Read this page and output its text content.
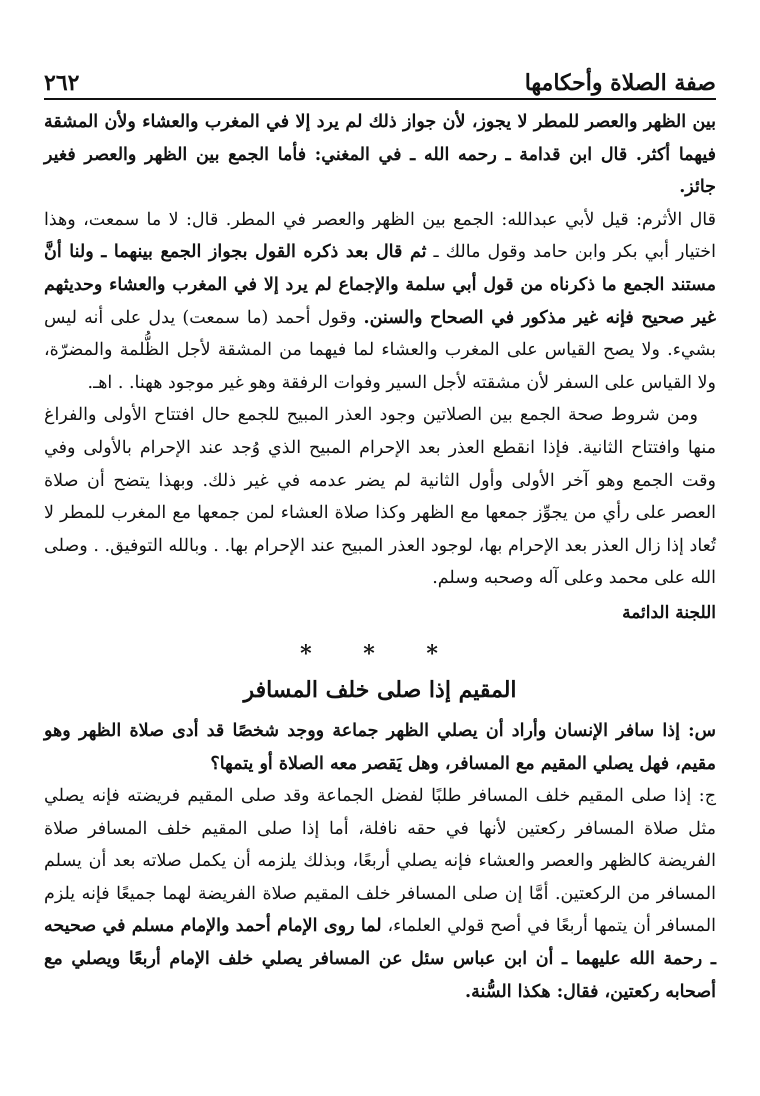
صفة الصلاة وأحكامها
٢٦٢

بين الظهر والعصر للمطر لا يجوز، لأن جواز ذلك لم يرد إلا في المغرب والعشاء ولأن المشقة فيهما أكثر. قال ابن قدامة ـ رحمه الله ـ في المغني: فأما الجمع بين الظهر والعصر فغير جائز.

قال الأثرم: قيل لأبي عبدالله: الجمع بين الظهر والعصر في المطر. قال: لا ما سمعت، وهذا اختيار أبي بكر وابن حامد وقول مالك ـ ثم قال بعد ذكره القول بجواز الجمع بينهما ـ ولنا أنَّ مستند الجمع ما ذكرناه من قول أبي سلمة والإجماع لم يرد إلا في المغرب والعشاء وحديثهم غير صحيح فإنه غير مذكور في الصحاح والسنن. وقول أحمد (ما سمعت) يدل على أنه ليس بشيء. ولا يصح القياس على المغرب والعشاء لما فيهما من المشقة لأجل الظُّلمة والمضرّة، ولا القياس على السفر لأن مشقته لأجل السير وفوات الرفقة وهو غير موجود ههنا. . اهـ.

ومن شروط صحة الجمع بين الصلاتين وجود العذر المبيح للجمع حال افتتاح الأولى والفراغ منها وافتتاح الثانية. فإذا انقطع العذر بعد الإحرام المبيح الذي وُجد عند الإحرام بالأولى وفي وقت الجمع وهو آخر الأولى وأول الثانية لم يضر عدمه في غير ذلك. وبهذا يتضح أن صلاة العصر على رأي من يجوِّز جمعها مع الظهر وكذا صلاة العشاء لمن جمعها مع المغرب للمطر لا تُعاد إذا زال العذر بعد الإحرام بها، لوجود العذر المبيح عند الإحرام بها. . وبالله التوفيق. . وصلى الله على محمد وعلى آله وصحبه وسلم.

اللجنة الدائمة
* * *
المقيم إذا صلى خلف المسافر

س: إذا سافر الإنسان وأراد أن يصلي الظهر جماعة ووجد شخصًا قد أدى صلاة الظهر وهو مقيم، فهل يصلي المقيم مع المسافر، وهل يَقصر معه الصلاة أو يتمها؟

ج: إذا صلى المقيم خلف المسافر طلبًا لفضل الجماعة وقد صلى المقيم فريضته فإنه يصلي مثل صلاة المسافر ركعتين لأنها في حقه نافلة، أما إذا صلى المقيم خلف المسافر صلاة الفريضة كالظهر والعصر والعشاء فإنه يصلي أربعًا، وبذلك يلزمه أن يكمل صلاته بعد أن يسلم المسافر من الركعتين. أمَّا إن صلى المسافر خلف المقيم صلاة الفريضة لهما جميعًا فإنه يلزم المسافر أن يتمها أربعًا في أصح قولي العلماء، لما روى الإمام أحمد والإمام مسلم في صحيحه ـ رحمة الله عليهما ـ أن ابن عباس سئل عن المسافر يصلي خلف الإمام أربعًا ويصلي مع أصحابه ركعتين، فقال: هكذا السُّنة.
